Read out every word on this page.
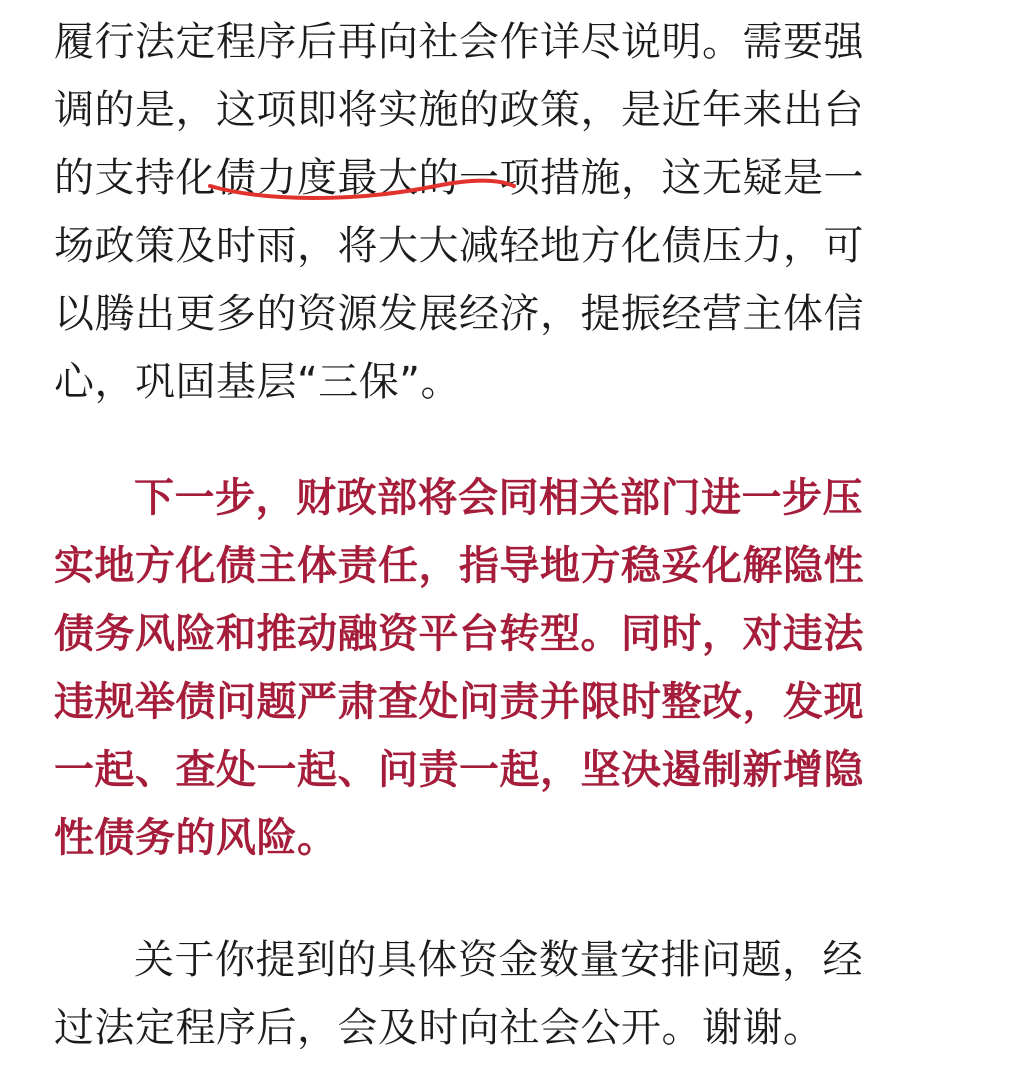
履行法定程序后再向社会作详尽说明。需要强
调的是，这项即将实施的政策，是近年来出台
的支持化债力度最大的一项措施，这无疑是一
场政策及时雨，将大大减轻地方化债压力，可
以腾出更多的资源发展经济，提振经营主体信
心，巩固基层“三保”。

下一步，财政部将会同相关部门进一步压
实地方化债主体责任，指导地方稳妥化解隐性
债务风险和推动融资平台转型。同时，对违法
违规举债问题严肃查处问责并限时整改，发现
一起、查处一起、问责一起，坚决遏制新增隐
性债务的风险。

关于你提到的具体资金数量安排问题，经
过法定程序后，会及时向社会公开。谢谢。
